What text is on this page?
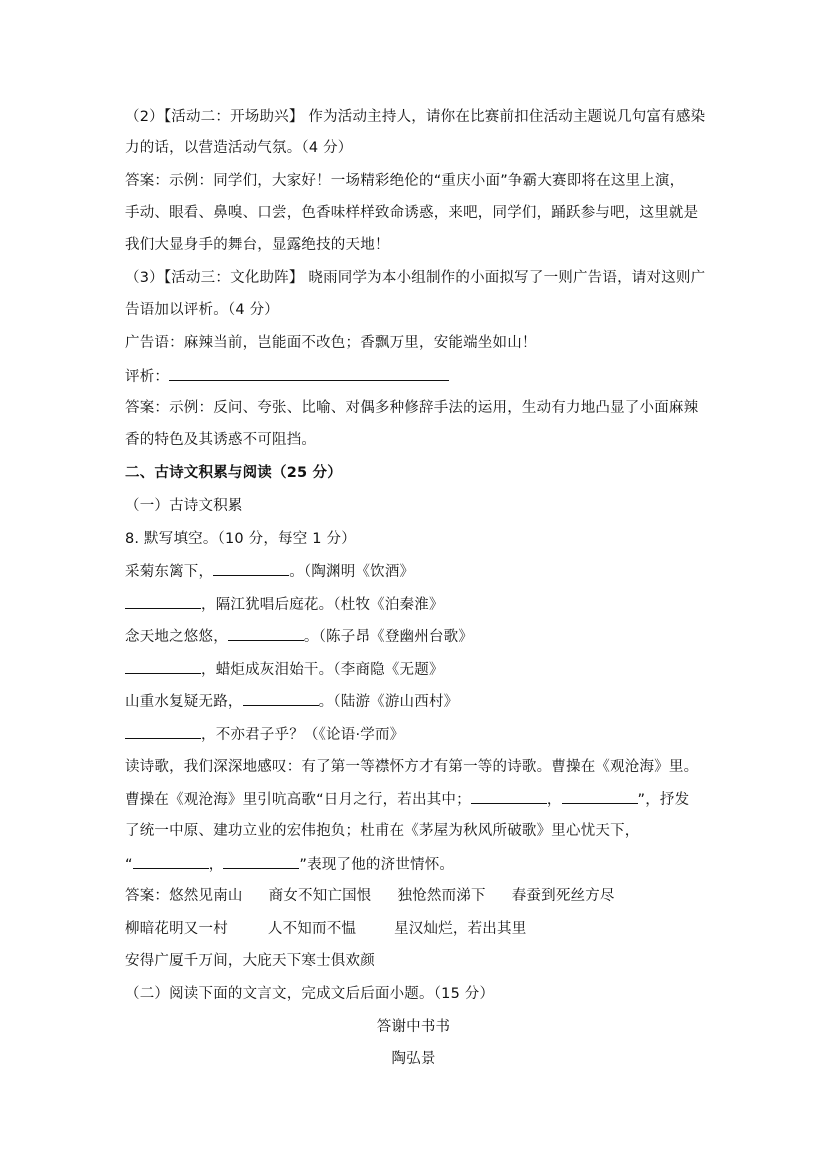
（2）【活动二：开场助兴】 作为活动主持人，请你在比赛前扣住活动主题说几句富有感染
力的话，以营造活动气氛。（4 分）
答案：示例：同学们，大家好！一场精彩绝伦的“重庆小面”争霸大赛即将在这里上演，
手动、眼看、鼻嗅、口尝，色香味样样致命诱惑，来吧，同学们，踊跃参与吧，这里就是
我们大显身手的舞台，显露绝技的天地！
（3）【活动三：文化助阵】 晓雨同学为本小组制作的小面拟写了一则广告语，请对这则广
告语加以评析。（4 分）
广告语：麻辣当前，岂能面不改色；香飘万里，安能端坐如山！
评析：
答案：示例：反问、夸张、比喻、对偶多种修辞手法的运用，生动有力地凸显了小面麻辣
香的特色及其诱惑不可阻挡。
二、古诗文积累与阅读（25 分）
（一）古诗文积累
8. 默写填空。（10 分，每空 1 分）
采菊东篱下，	。（陶渊明《饮酒》
，隔江犹唱后庭花。（杜牧《泊秦淮》
念天地之悠悠，	。（陈子昂《登幽州台歌》
，蜡炬成灰泪始干。（李商隐《无题》
山重水复疑无路，	。（陆游《游山西村》
，不亦君子乎？（《论语·学而》
读诗歌，我们深深地感叹：有了第一等襟怀方才有第一等的诗歌。曹操在《观沧海》里。
曹操在《观沧海》里引吭高歌“日月之行，若出其中；	，	”，抒发
了统一中原、建功立业的宏伟抱负；杜甫在《茅屋为秋风所破歌》里心忧天下，
“	，	”表现了他的济世情怀。
答案：悠然见南山 商女不知亡国恨 独怆然而涕下 春蚕到死丝方尽
柳暗花明又一村	人不知而不愠	星汉灿烂，若出其里
安得广厦千万间，大庇天下寒士俱欢颜
（二）阅读下面的文言文，完成文后后面小题。（15 分）
答谢中书书
陶弘景
